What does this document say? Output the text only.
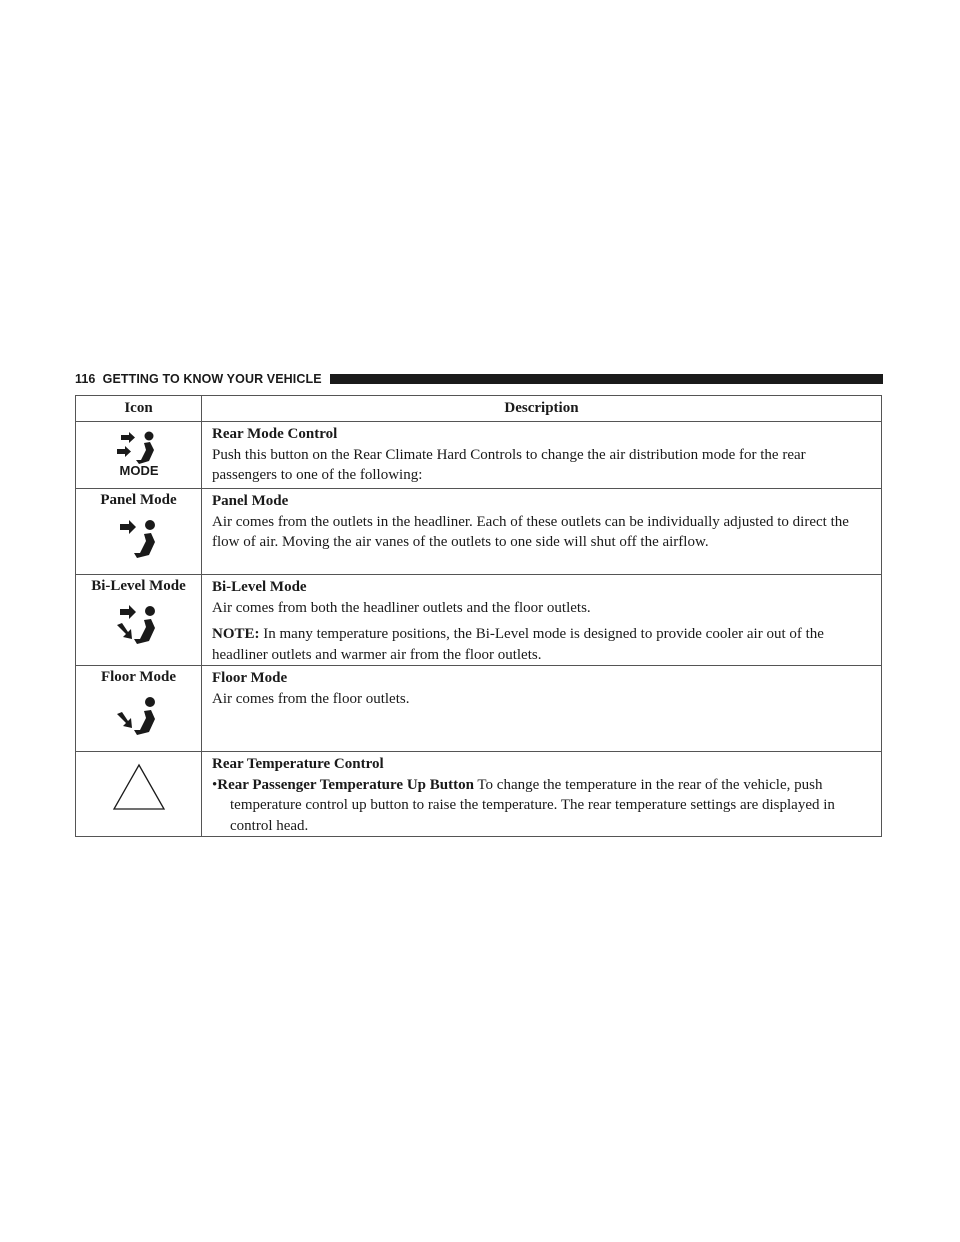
116 GETTING TO KNOW YOUR VEHICLE
Icon	Description

MODE	Rear Mode Control
Push this button on the Rear Climate Hard Controls to change the air distribution mode for the rear passengers to one of the following:

Panel Mode	Panel Mode
Air comes from the outlets in the headliner. Each of these outlets can be individually adjusted to direct the flow of air. Moving the air vanes of the outlets to one side will shut off the airflow.

Bi-Level Mode	Bi-Level Mode
Air comes from both the headliner outlets and the floor outlets.
NOTE: In many temperature positions, the Bi-Level mode is designed to provide cooler air out of the headliner outlets and warmer air from the floor outlets.

Floor Mode	Floor Mode
Air comes from the floor outlets.

Rear Temperature Control
•Rear Passenger Temperature Up Button To change the temperature in the rear of the vehicle, push temperature control up button to raise the temperature. The rear temperature settings are displayed in control head.
